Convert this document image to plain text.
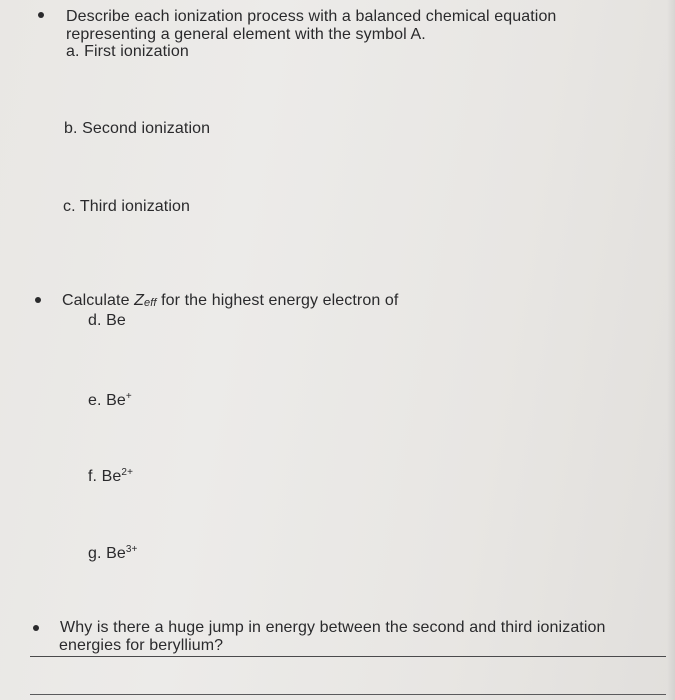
Describe each ionization process with a balanced chemical equation
representing a general element with the symbol A.
a. First ionization
b. Second ionization
c. Third ionization
Calculate Zeff for the highest energy electron of
d. Be
e. Be+
f. $Be^{2+}$
g. $Be^{3+}$
Why is there a huge jump in energy between the second and third ionization
energies for beryllium?
